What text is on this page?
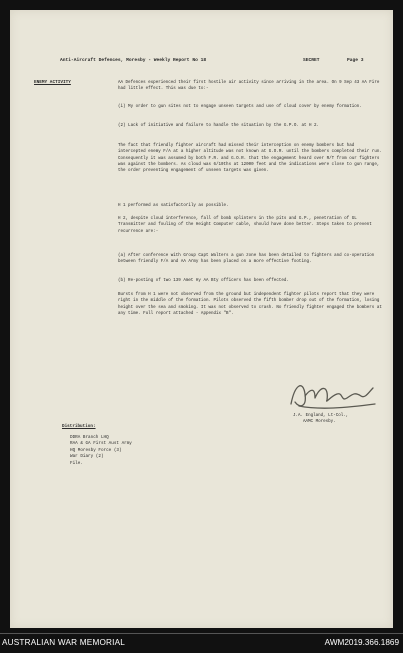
Anti-Aircraft Defences, Moresby - Weekly Report No 18	SECRET	Page 3
ENEMY ACTIVITY	AA Defences experienced their first hostile air activity since arriving in the area. On 9 Sep 43 AA Fire had little effect. This was due to:-

(i) My order to gun sites not to engage unseen targets and use of cloud cover by enemy formation.

(2) Lack of initiative and failure to handle the situation by the G.P.O. at H 2.

The fact that friendly fighter aircraft had missed their interception on enemy bombers but had intercepted enemy F/A at a higher altitude was not known at G.O.R. until the bombers completed their run. Consequently it was assumed by both F.R. and G.O.R. that the engagement heard over R/T from our fighters was against the bombers. As cloud was 6/10ths at 12000 feet and the indications were close to gun range, the order preventing engagement of unseen targets was given.

H 1 performed as satisfactorily as possible.

H 2, despite cloud interference, fall of bomb splinters in the pits and G.P., penetration of GL Transmitter and fouling of the Height Computer cable, should have done better. Steps taken to prevent recurrence are:-

(a) After conference with Group Capt Walters a gun zone has been detailed to fighters and co-operation between friendly F/A and AA Army has been placed on a more effective footing.

(b) Re-posting of two 139 Amet Hy AA Bty officers has been effected.

Bursts from H 1 were not observed from the ground but independent fighter pilots report that they were right in the middle of the formation. Pilots observed the fifth bomber drop out of the formation, losing height over the sea and smoking. It was not observed to crash. No friendly fighter engaged the bombers at any time. Full report attached - Appendix "B".

J.A. England, Lt-Col.,
AAMC Moresby.
Distribution:
DDRA Branch LHQ
RAA & GA First Aust Army
HQ Moresby Force (3)
War Diary (2)
File.
AUSTRALIAN WAR MEMORIAL	AWM2019.366.1869
